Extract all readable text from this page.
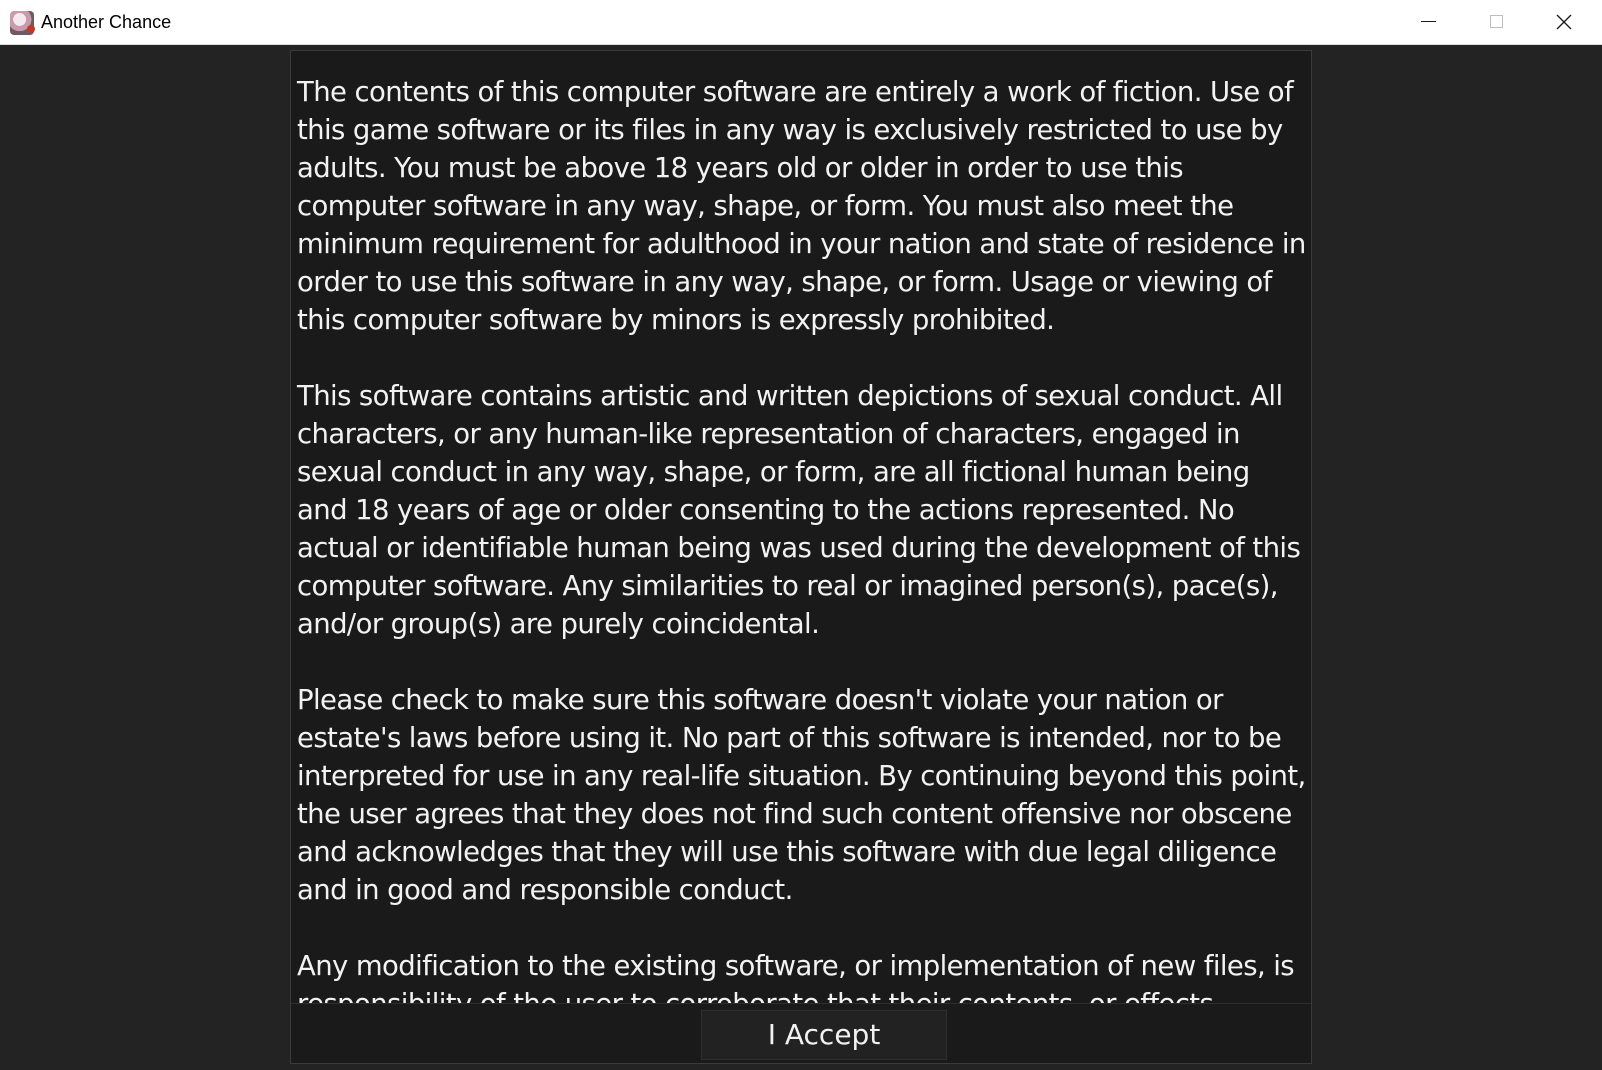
Another Chance

The contents of this computer software are entirely a work of fiction. Use of this game software or its files in any way is exclusively restricted to use by adults. You must be above 18 years old or older in order to use this computer software in any way, shape, or form. You must also meet the minimum requirement for adulthood in your nation and state of residence in order to use this software in any way, shape, or form. Usage or viewing of this computer software by minors is expressly prohibited.

This software contains artistic and written depictions of sexual conduct. All characters, or any human-like representation of characters, engaged in sexual conduct in any way, shape, or form, are all fictional human being and 18 years of age or older consenting to the actions represented. No actual or identifiable human being was used during the development of this computer software. Any similarities to real or imagined person(s), pace(s), and/or group(s) are purely coincidental.

Please check to make sure this software doesn't violate your nation or estate's laws before using it. No part of this software is intended, nor to be interpreted for use in any real-life situation. By continuing beyond this point, the user agrees that they does not find such content offensive nor obscene and acknowledges that they will use this software with due legal diligence and in good and responsible conduct.

Any modification to the existing software, or implementation of new files, is

I Accept
